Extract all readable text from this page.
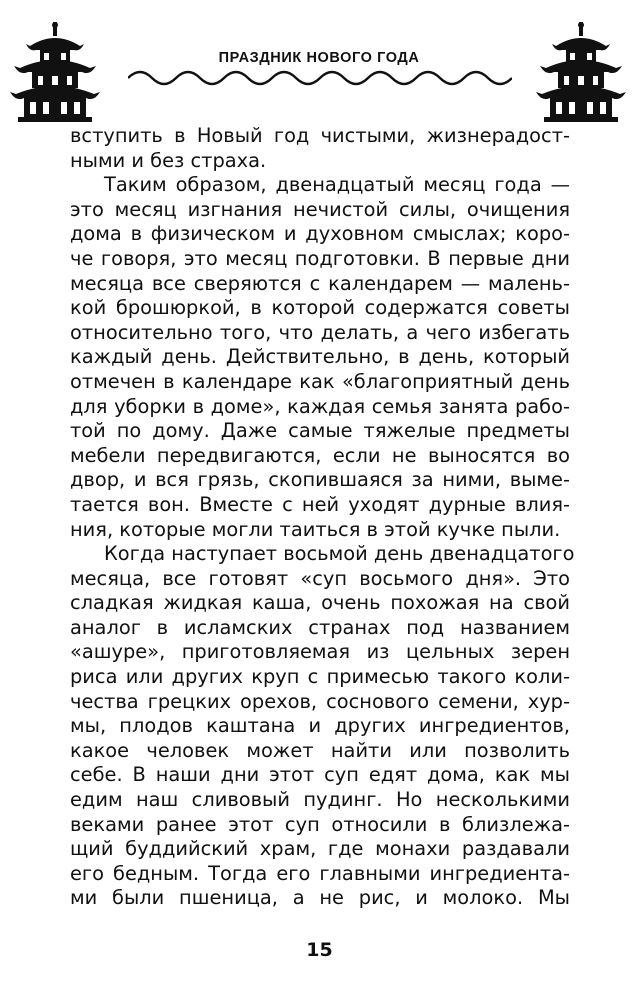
ПРАЗДНИК НОВОГО ГОДА
вступить в Новый год чистыми, жизнерадост-
ными и без страха.
Таким образом, двенадцатый месяц года —
это месяц изгнания нечистой силы, очищения
дома в физическом и духовном смыслах; коро-
че говоря, это месяц подготовки. В первые дни
месяца все сверяются с календарем — малень-
кой брошюркой, в которой содержатся советы
относительно того, что делать, а чего избегать
каждый день. Действительно, в день, который
отмечен в календаре как «благоприятный день
для уборки в доме», каждая семья занята рабо-
той по дому. Даже самые тяжелые предметы
мебели передвигаются, если не выносятся во
двор, и вся грязь, скопившаяся за ними, выме-
тается вон. Вместе с ней уходят дурные влия-
ния, которые могли таиться в этой кучке пыли.
Когда наступает восьмой день двенадцатого
месяца, все готовят «суп восьмого дня». Это
сладкая жидкая каша, очень похожая на свой
аналог в исламских странах под названием
«ашуре», приготовляемая из цельных зерен
риса или других круп с примесью такого коли-
чества грецких орехов, соснового семени, хур-
мы, плодов каштана и других ингредиентов,
какое человек может найти или позволить
себе. В наши дни этот суп едят дома, как мы
едим наш сливовый пудинг. Но несколькими
веками ранее этот суп относили в близлежа-
щий буддийский храм, где монахи раздавали
его бедным. Тогда его главными ингредиента-
ми были пшеница, а не рис, и молоко. Мы
15
